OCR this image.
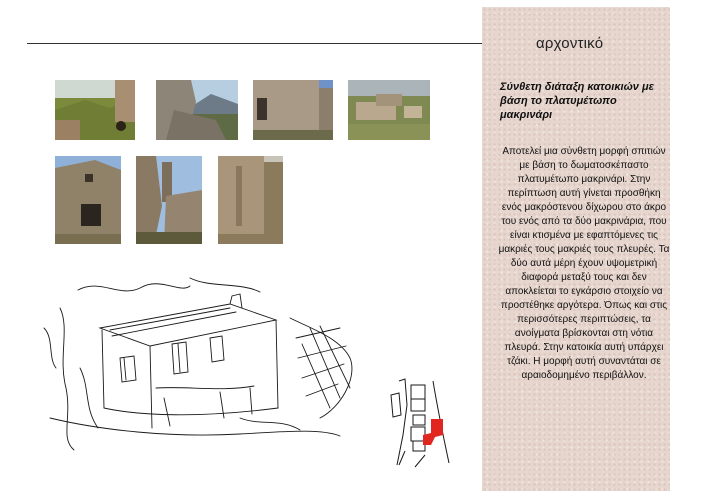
αρχοντικό
Σύνθετη διάταξη κατοικιών με βάση το πλατυμέτωπο μακρινάρι
Αποτελεί μια σύνθετη μορφή σπιτιών με βάση το δωματοσκέπαστο πλατυμέτωπο μακρινάρι. Στην περίπτωση αυτή γίνεται προσθήκη ενός μακρόστενου δίχωρου στο άκρο του ενός από τα δύο μακρινάρια, που είναι κτισμένα με εφαπτόμενες τις μακριές τους μακριές τους πλευρές. Τα δύο αυτά μέρη έχουν υψομετρική διαφορά μεταξύ τους και δεν αποκλείεται το εγκάρσιο στοιχείο να προστέθηκε αργότερα. Όπως και στις περισσότερες περιπτώσεις, τα ανοίγματα βρίσκονται στη νότια πλευρά. Στην κατοικία αυτή υπάρχει τζάκι. Η μορφή αυτή συναντάται σε αραιοδομημένο περιβάλλον.
